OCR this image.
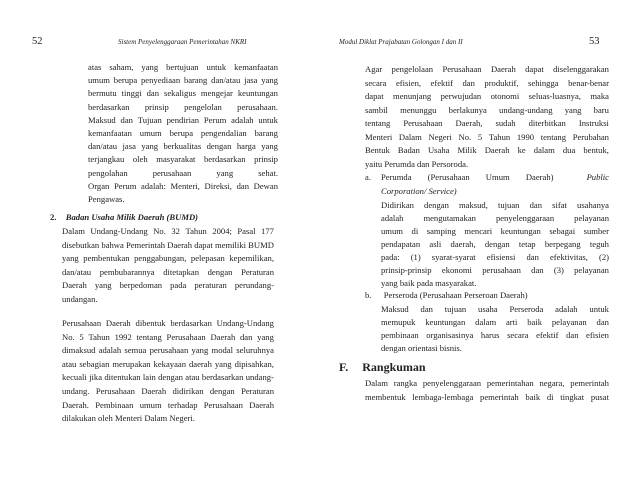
52	Sistem Penyelenggaraan Pemerintahan NKRI
atas saham, yang bertujuan untuk kemanfaatan
umum berupa penyediaan barang dan/atau jasa yang
bermutu tinggi dan sekaligus mengejar keuntungan
berdasarkan prinsip pengelolan perusahaan.
Maksud dan Tujuan pendirian Perum adalah untuk
kemanfaatan umum berupa pengendalian barang
dan/atau jasa yang berkualitas dengan harga yang
terjangkau oleh masyarakat berdasarkan prinsip
pengolahan	perusahaan	yang	sehat.
Organ Perum adalah: Menteri, Direksi, dan Dewan
Pengawas.
2. Badan Usaha Milik Daerah (BUMD)
Dalam Undang-Undang No. 32 Tahun 2004; Pasal 177
disebutkan bahwa Pemerintah Daerah dapat memiliki BUMD
yang pembentukan penggabungan, pelepasan kepemilikan,
dan/atau pembubarannya ditetapkan dengan Peraturan
Daerah yang berpedoman pada peraturan perundang-
undangan.
Perusahaan Daerah dibentuk berdasarkan Undang-Undang
No. 5 Tahun 1992 tentang Perusahaan Daerah dan yang
dimaksud adalah semua perusahaan yang modal seluruhnya
atau sebagian merupakan kekayaan daerah yang dipisahkan,
kecuali jika ditentukan lain dengan atau berdasarkan undang-
undang. Perusahaan Daerah didirikan dengan Peraturan
Daerah. Pembinaan umum terhadap Perusahaan Daerah
dilakukan oleh Menteri Dalam Negeri.
Modul Diklat Prajabatan Golongan I dan II	53
Agar pengelolaan Perusahaan Daerah dapat diselenggarakan
secara efisien, efektif dan produktif, sehingga benar-benar
dapat menunjang perwujudan otonomi seluas-luasnya, maka
sambil menunggu berlakunya undang-undang yang baru
tentang Perusahaan Daerah, sudah diterbitkan Instruksi
Menteri Dalam Negeri No. 5 Tahun 1990 tentang Perubahan
Bentuk Badan Usaha Milik Daerah ke dalam dua bentuk,
yaitu Perumda dan Persoroda.
a. Perumda (Perusahaan Umum Daerah)	Public
Corporation/ Service)
Didirikan dengan maksud, tujuan dan sifat usahanya
adalah mengutamakan penyelenggaraan pelayanan
umum di samping mencari keuntungan sebagai sumber
pendapatan asli daerah, dengan tetap berpegang teguh
pada: (1) syarat-syarat efisiensi dan efektivitas, (2)
prinsip-prinsip ekonomi perusahaan dan (3) pelayanan
yang baik pada masyarakat.
b. Perseroda (Perusahaan Perseroan Daerah)
Maksud dan tujuan usaha Perseroda adalah untuk
memupuk keuntungan dalam arti baik pelayanan dan
pembinaan organisasinya harus secara efektif dan efisien
dengan orientasi bisnis.
F. Rangkuman
Dalam rangka penyelenggaraan pemerintahan negara, pemerintah
membentuk lembaga-lembaga pemerintah baik di tingkat pusat
